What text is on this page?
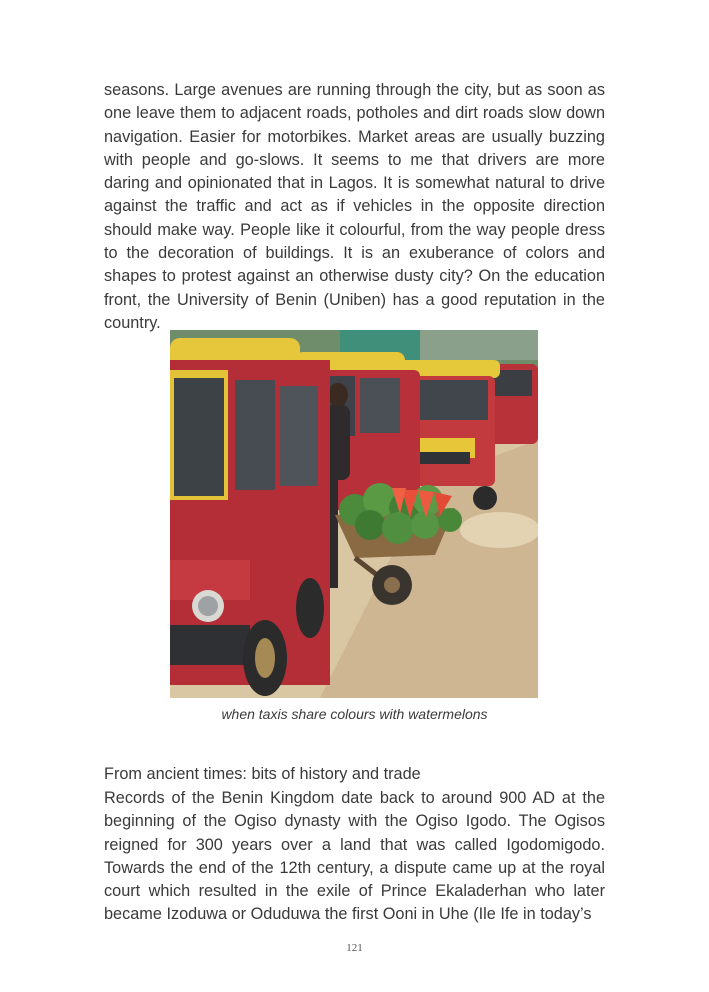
seasons. Large avenues are running through the city, but as soon as one leave them to adjacent roads, potholes and dirt roads slow down navigation. Easier for motorbikes. Market areas are usually buzzing with people and go-slows. It seems to me that drivers are more daring and opinionated that in Lagos. It is somewhat natural to drive against the traffic and act as if vehicles in the opposite direction should make way. People like it colourful, from the way people dress to the decoration of buildings. It is an exuberance of colors and shapes to protest against an otherwise dusty city? On the education front, the University of Benin (Uniben) has a good reputation in the country.

when taxis share colours with watermelons

From ancient times: bits of history and trade

Records of the Benin Kingdom date back to around 900 AD at the beginning of the Ogiso dynasty with the Ogiso Igodo. The Ogisos reigned for 300 years over a land that was called Igodomigodo. Towards the end of the 12th century, a dispute came up at the royal court which resulted in the exile of Prince Ekaladerhan who later became Izoduwa or Oduduwa the first Ooni in Uhe (Ile Ife in today’s

121
